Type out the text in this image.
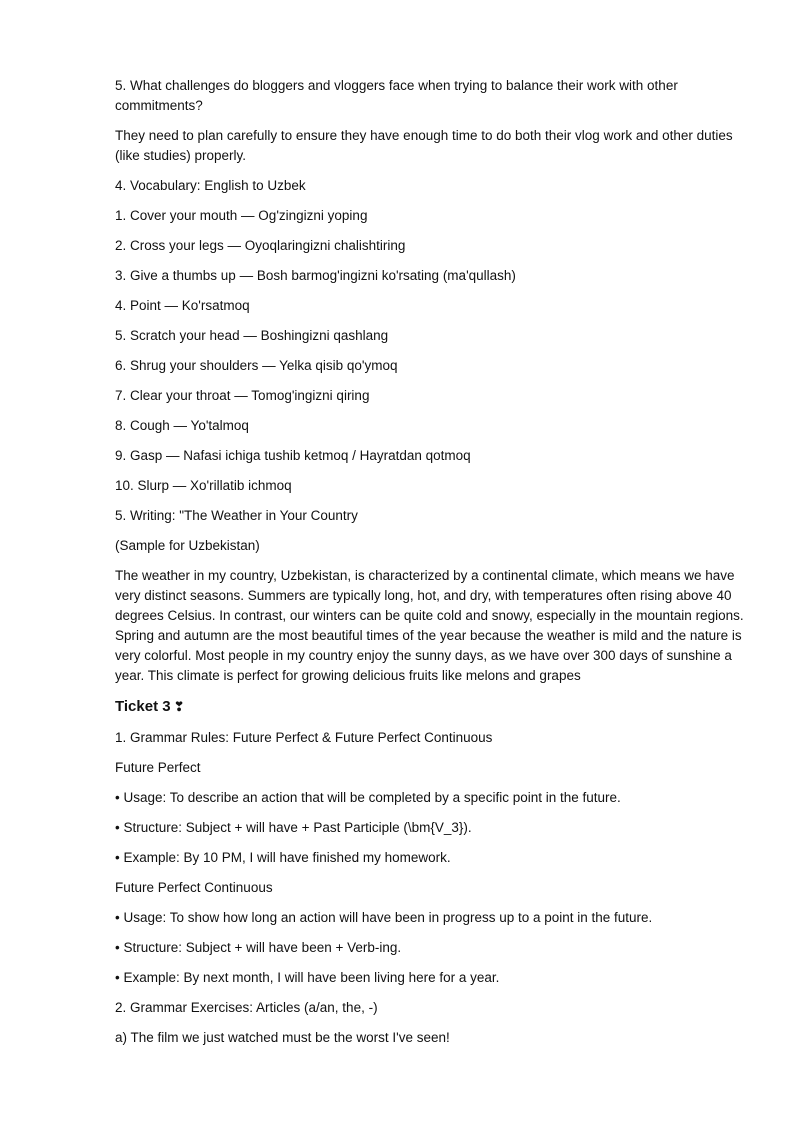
5. What challenges do bloggers and vloggers face when trying to balance their work with other commitments?

They need to plan carefully to ensure they have enough time to do both their vlog work and other duties (like studies) properly.

4. Vocabulary: English to Uzbek

1. Cover your mouth — Og'zingizni yoping

2. Cross your legs — Oyoqlaringizni chalishtiring

3. Give a thumbs up — Bosh barmog'ingizni ko'rsating (ma'qullash)

4. Point — Ko'rsatmoq

5. Scratch your head — Boshingizni qashlang

6. Shrug your shoulders — Yelka qisib qo'ymoq

7. Clear your throat — Tomog'ingizni qiring

8. Cough — Yo'talmoq

9. Gasp — Nafasi ichiga tushib ketmoq / Hayratdan qotmoq

10. Slurp — Xo'rillatib ichmoq

5. Writing: "The Weather in Your Country

(Sample for Uzbekistan)

The weather in my country, Uzbekistan, is characterized by a continental climate, which means we have very distinct seasons. Summers are typically long, hot, and dry, with temperatures often rising above 40 degrees Celsius. In contrast, our winters can be quite cold and snowy, especially in the mountain regions. Spring and autumn are the most beautiful times of the year because the weather is mild and the nature is very colorful. Most people in my country enjoy the sunny days, as we have over 300 days of sunshine a year. This climate is perfect for growing delicious fruits like melons and grapes

Ticket 3 ❣

1. Grammar Rules: Future Perfect & Future Perfect Continuous

Future Perfect

• Usage: To describe an action that will be completed by a specific point in the future.

• Structure: Subject + will have + Past Participle (\bm{V_3}).

• Example: By 10 PM, I will have finished my homework.

Future Perfect Continuous

• Usage: To show how long an action will have been in progress up to a point in the future.

• Structure: Subject + will have been + Verb-ing.

• Example: By next month, I will have been living here for a year.

2. Grammar Exercises: Articles (a/an, the, -)

a) The film we just watched must be the worst I've seen!
